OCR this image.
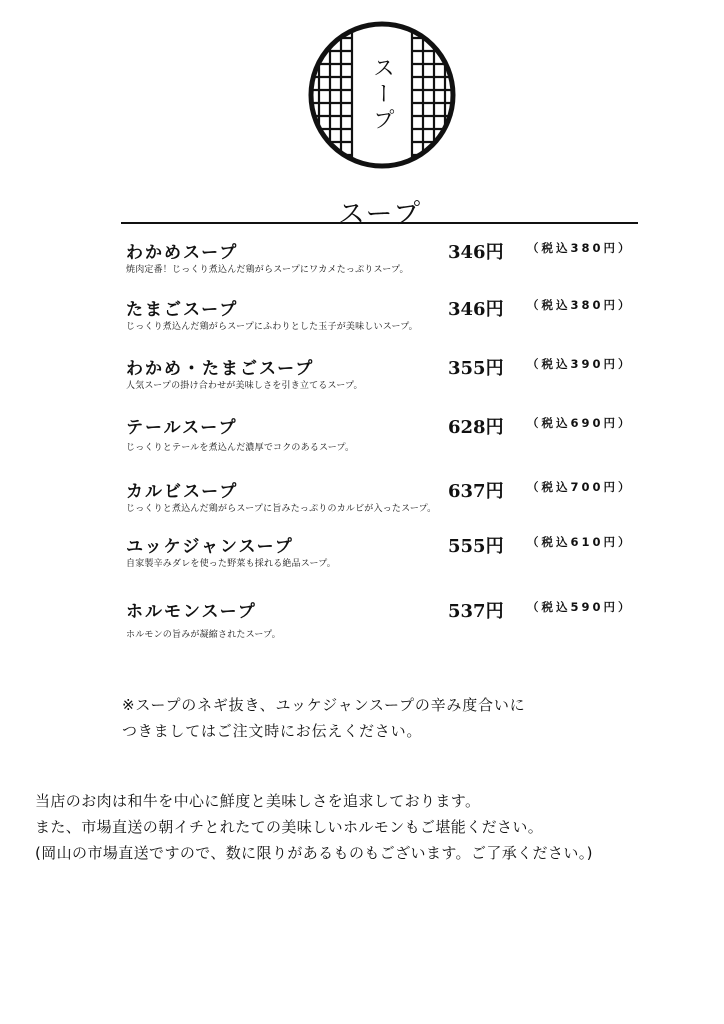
スープ
スープ
わかめスープ	346円 （税込380円）
焼肉定番！じっくり煮込んだ鶏がらスープにワカメたっぷりスープ。
たまごスープ	346円 （税込380円）
じっくり煮込んだ鶏がらスープにふわりとした玉子が美味しいスープ。
わかめ・たまごスープ	355円 （税込390円）
人気スープの掛け合わせが美味しさを引き立てるスープ。
テールスープ	628円 （税込690円）
じっくりとテールを煮込んだ濃厚でコクのあるスープ。
カルビスープ	637円 （税込700円）
じっくりと煮込んだ鶏がらスープに旨みたっぷりのカルビが入ったスープ。
ユッケジャンスープ	555円 （税込610円）
自家製辛みダレを使った野菜も採れる絶品スープ。
ホルモンスープ	537円 （税込590円）
ホルモンの旨みが凝縮されたスープ。
※スープのネギ抜き、ユッケジャンスープの辛み度合いに
つきましてはご注文時にお伝えください。
当店のお肉は和牛を中心に鮮度と美味しさを追求しております。
また、市場直送の朝イチとれたての美味しいホルモンもご堪能ください。
(岡山の市場直送ですので、数に限りがあるものもございます。ご了承ください。)
